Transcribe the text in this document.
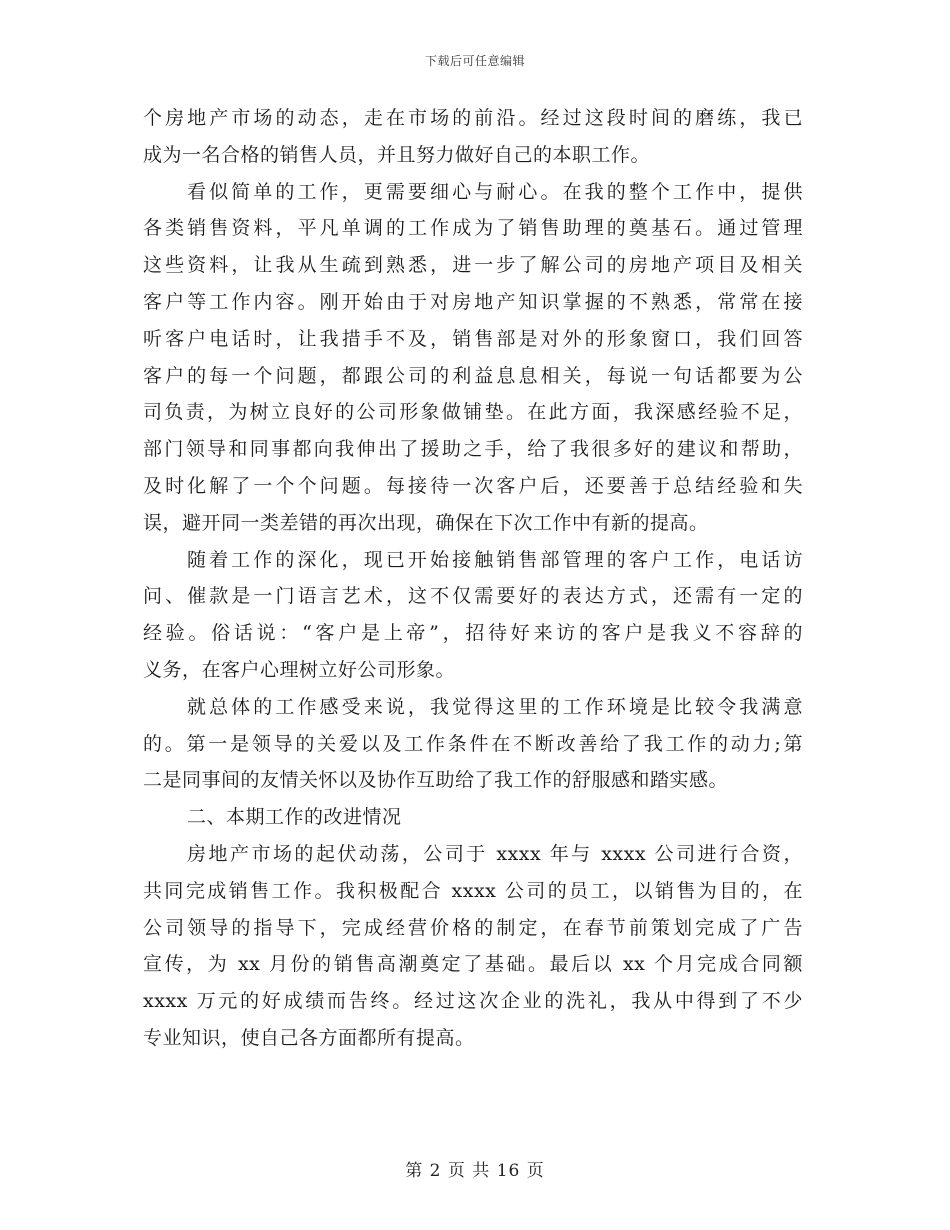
下载后可任意编辑
个房地产市场的动态，走在市场的前沿。经过这段时间的磨练，我已
成为一名合格的销售人员，并且努力做好自己的本职工作。
看似简单的工作，更需要细心与耐心。在我的整个工作中，提供
各类销售资料，平凡单调的工作成为了销售助理的奠基石。通过管理
这些资料，让我从生疏到熟悉，进一步了解公司的房地产项目及相关
客户等工作内容。刚开始由于对房地产知识掌握的不熟悉，常常在接
听客户电话时，让我措手不及，销售部是对外的形象窗口，我们回答
客户的每一个问题，都跟公司的利益息息相关，每说一句话都要为公
司负责，为树立良好的公司形象做铺垫。在此方面，我深感经验不足，
部门领导和同事都向我伸出了援助之手，给了我很多好的建议和帮助，
及时化解了一个个问题。每接待一次客户后，还要善于总结经验和失
误，避开同一类差错的再次出现，确保在下次工作中有新的提高。
随着工作的深化，现已开始接触销售部管理的客户工作，电话访
问、催款是一门语言艺术，这不仅需要好的表达方式，还需有一定的
经验。俗话说：“客户是上帝”，招待好来访的客户是我义不容辞的
义务，在客户心理树立好公司形象。
就总体的工作感受来说，我觉得这里的工作环境是比较令我满意
的。第一是领导的关爱以及工作条件在不断改善给了我工作的动力;第
二是同事间的友情关怀以及协作互助给了我工作的舒服感和踏实感。
二、本期工作的改进情况
房地产市场的起伏动荡，公司于 xxxx 年与 xxxx 公司进行合资，
共同完成销售工作。我积极配合 xxxx 公司的员工，以销售为目的，在
公司领导的指导下，完成经营价格的制定，在春节前策划完成了广告
宣传，为 xx 月份的销售高潮奠定了基础。最后以 xx 个月完成合同额
xxxx 万元的好成绩而告终。经过这次企业的洗礼，我从中得到了不少
专业知识，使自己各方面都所有提高。
第 2 页 共 16 页
